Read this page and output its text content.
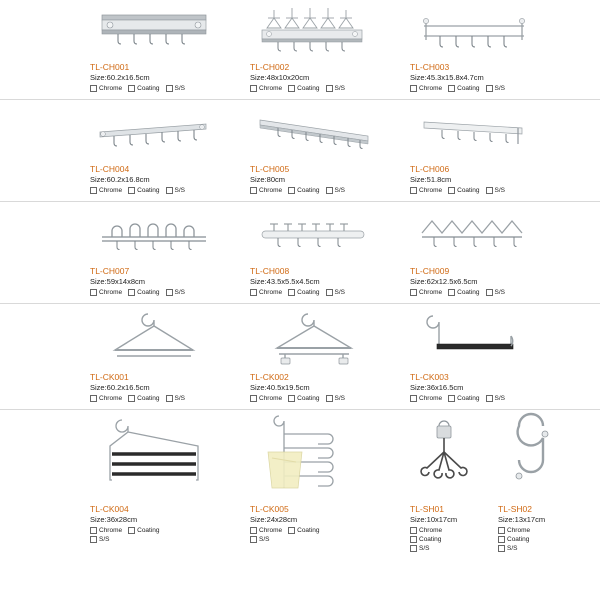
TL-CH001
Size:60.2x16.5cm
Chrome Coating S/S
TL-CH002
Size:48x10x20cm
Chrome Coating S/S
TL-CH003
Size:45.3x15.8x4.7cm
Chrome Coating S/S
TL-CH004
Size:60.2x16.8cm
Chrome Coating S/S
TL-CH005
Size:80cm
Chrome Coating S/S
TL-CH006
Size:51.8cm
Chrome Coating S/S
TL-CH007
Size:59x14x8cm
Chrome Coating S/S
TL-CH008
Size:43.5x5.5x4.5cm
Chrome Coating S/S
TL-CH009
Size:62x12.5x6.5cm
Chrome Coating S/S
TL-CK001
Size:60.2x16.5cm
Chrome Coating S/S
TL-CK002
Size:40.5x19.5cm
Chrome Coating S/S
TL-CK003
Size:36x16.5cm
Chrome Coating S/S
TL-CK004
Size:36x28cm
Chrome Coating
S/S
TL-CK005
Size:24x28cm
Chrome Coating
S/S
TL-SH01
Size:10x17cm
Chrome
Coating
S/S
TL-SH02
Size:13x17cm
Chrome
Coating
S/S
